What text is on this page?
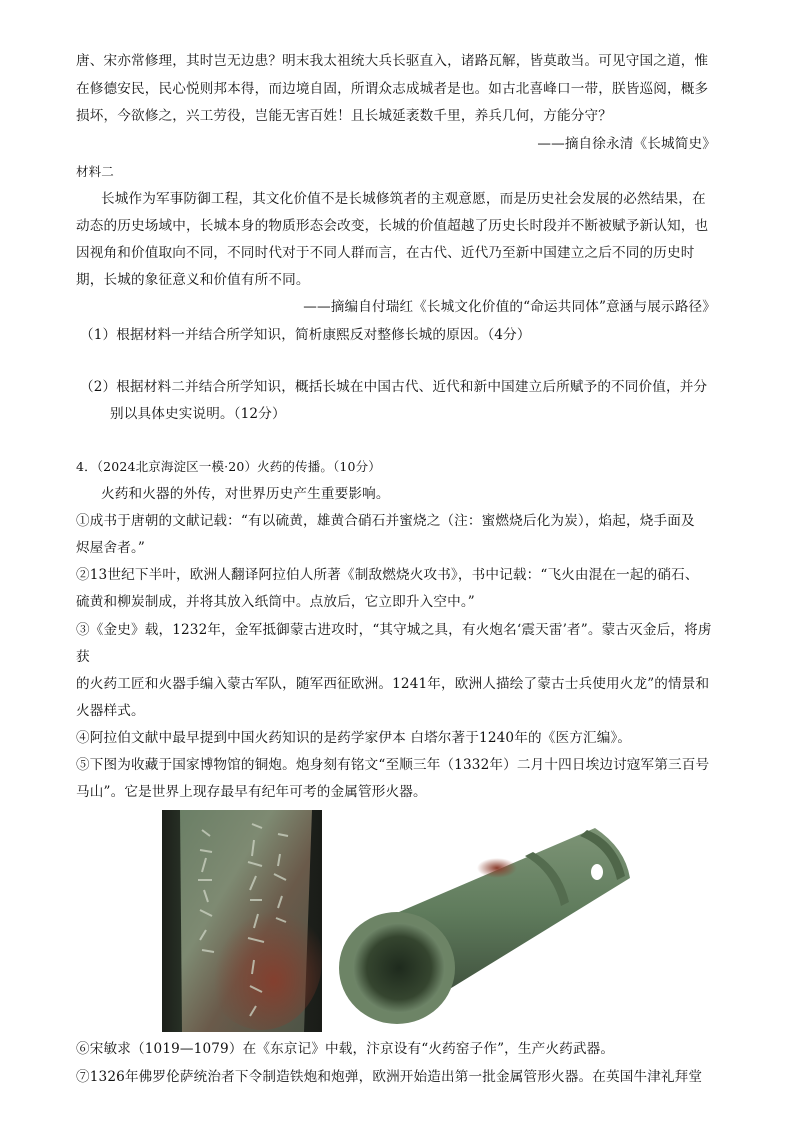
唐、宋亦常修理，其时岂无边患？明末我太祖统大兵长驱直入，诸路瓦解，皆莫敢当。可见守国之道，惟
在修德安民，民心悦则邦本得，而边境自固，所谓众志成城者是也。如古北喜峰口一带，朕皆巡阅，概多
损坏，今欲修之，兴工劳役，岂能无害百姓！且长城延袤数千里，养兵几何，方能分守？
——摘自徐永清《长城简史》
材料二
长城作为军事防御工程，其文化价值不是长城修筑者的主观意愿，而是历史社会发展的必然结果，在
动态的历史场域中，长城本身的物质形态会改变，长城的价值超越了历史长时段并不断被赋予新认知，也
因视角和价值取向不同，不同时代对于不同人群而言，在古代、近代乃至新中国建立之后不同的历史时
期，长城的象征意义和价值有所不同。
——摘编自付瑞红《长城文化价值的“命运共同体”意涵与展示路径》
（1）根据材料一并结合所学知识，简析康熙反对整修长城的原因。（4分）
（2）根据材料二并结合所学知识，概括长城在中国古代、近代和新中国建立后所赋予的不同价值，并分
别以具体史实说明。（12分）
4．（2024北京海淀区一模·20）火药的传播。（10分）
火药和火器的外传，对世界历史产生重要影响。
①成书于唐朝的文献记载：“有以硫黄，雄黄合硝石并蜜烧之（注：蜜燃烧后化为炭），焰起，烧手面及
烬屋舍者。”
②13世纪下半叶，欧洲人翻译阿拉伯人所著《制敌燃烧火攻书》，书中记载：“飞火由混在一起的硝石、
硫黄和柳炭制成，并将其放入纸筒中。点放后，它立即升入空中。”
③《金史》载，1232年，金军抵御蒙古进攻时，“其守城之具，有火炮名‘震天雷’者”。蒙古灭金后，将虏
获
的火药工匠和火器手编入蒙古军队，随军西征欧洲。1241年，欧洲人描绘了蒙古士兵使用火龙”的情景和
火器样式。
④阿拉伯文献中最早提到中国火药知识的是药学家伊本 白塔尔著于1240年的《医方汇编》。
⑤下图为收藏于国家博物馆的铜炮。炮身刻有铭文“至顺三年（1332年）二月十四日埃边讨寇军第三百号
马山”。它是世界上现存最早有纪年可考的金属管形火器。
⑥宋敏求（1019—1079）在《东京记》中载，汴京设有“火药窑子作”，生产火药武器。
⑦1326年佛罗伦萨统治者下令制造铁炮和炮弹，欧洲开始造出第一批金属管形火器。在英国牛津礼拜堂
